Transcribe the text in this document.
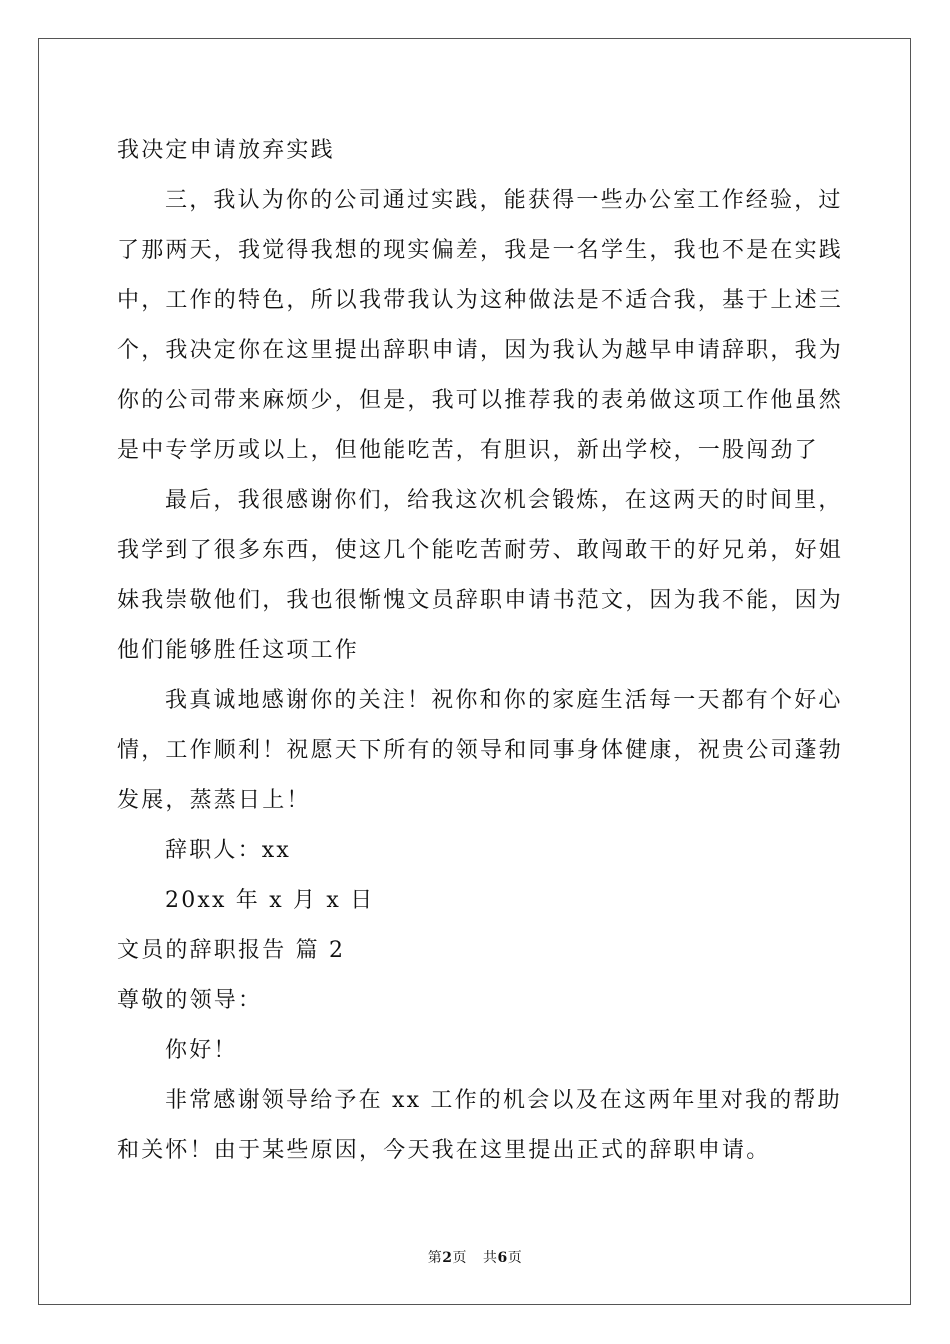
我决定申请放弃实践
三，我认为你的公司通过实践，能获得一些办公室工作经验，过
了那两天，我觉得我想的现实偏差，我是一名学生，我也不是在实践
中，工作的特色，所以我带我认为这种做法是不适合我，基于上述三
个，我决定你在这里提出辞职申请，因为我认为越早申请辞职，我为
你的公司带来麻烦少，但是，我可以推荐我的表弟做这项工作他虽然
是中专学历或以上，但他能吃苦，有胆识，新出学校，一股闯劲了
最后，我很感谢你们，给我这次机会锻炼，在这两天的时间里，
我学到了很多东西，使这几个能吃苦耐劳、敢闯敢干的好兄弟，好姐
妹我崇敬他们，我也很惭愧文员辞职申请书范文，因为我不能，因为
他们能够胜任这项工作
我真诚地感谢你的关注！祝你和你的家庭生活每一天都有个好心
情，工作顺利！祝愿天下所有的领导和同事身体健康，祝贵公司蓬勃
发展，蒸蒸日上！
辞职人：xx
20xx 年 x 月 x 日
文员的辞职报告 篇 2
尊敬的领导：
你好！
非常感谢领导给予在 xx 工作的机会以及在这两年里对我的帮助
和关怀！由于某些原因，今天我在这里提出正式的辞职申请。
第2页 共6页
